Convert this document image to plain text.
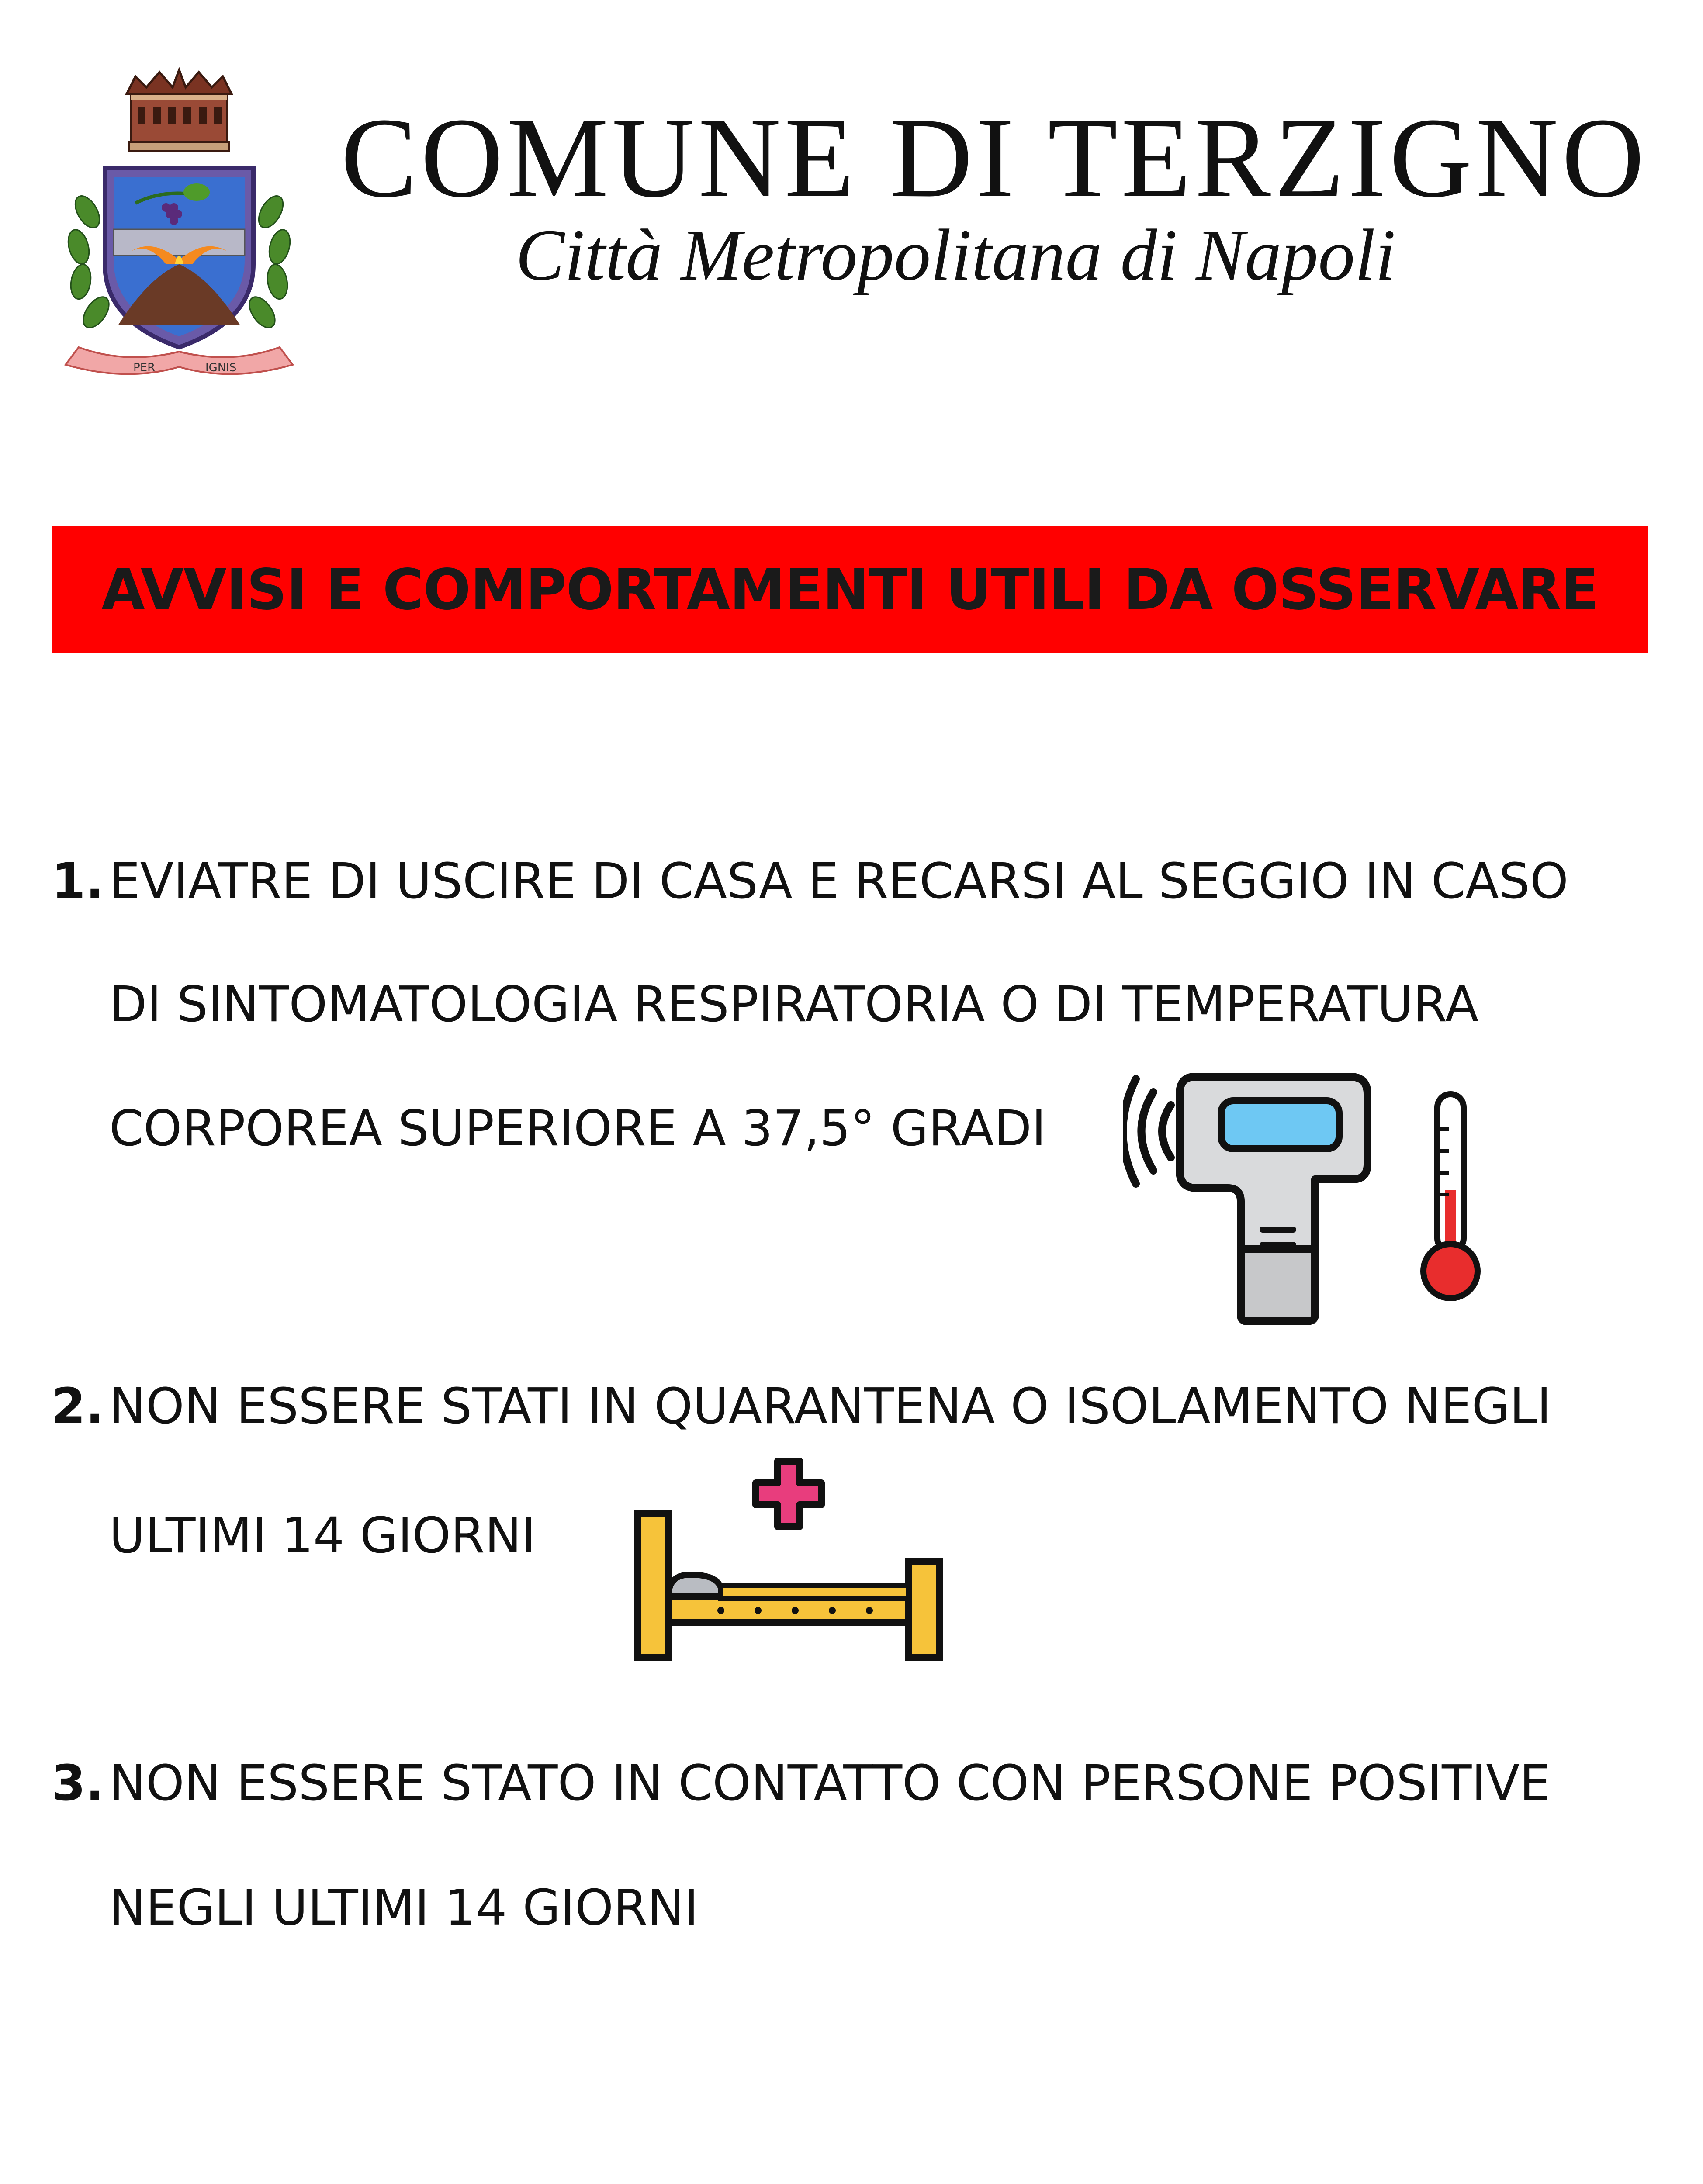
PER	IGNIS
COMUNE DI TERZIGNO
Città Metropolitana di Napoli
AVVISI E COMPORTAMENTI UTILI DA OSSERVARE
1. EVIATRE DI USCIRE DI CASA E RECARSI AL SEGGIO IN CASO
DI SINTOMATOLOGIA RESPIRATORIA O DI TEMPERATURA
CORPOREA SUPERIORE A 37,5° GRADI
2. NON ESSERE STATI IN QUARANTENA O ISOLAMENTO NEGLI
ULTIMI 14 GIORNI
3. NON ESSERE STATO IN CONTATTO CON PERSONE POSITIVE
NEGLI ULTIMI 14 GIORNI
